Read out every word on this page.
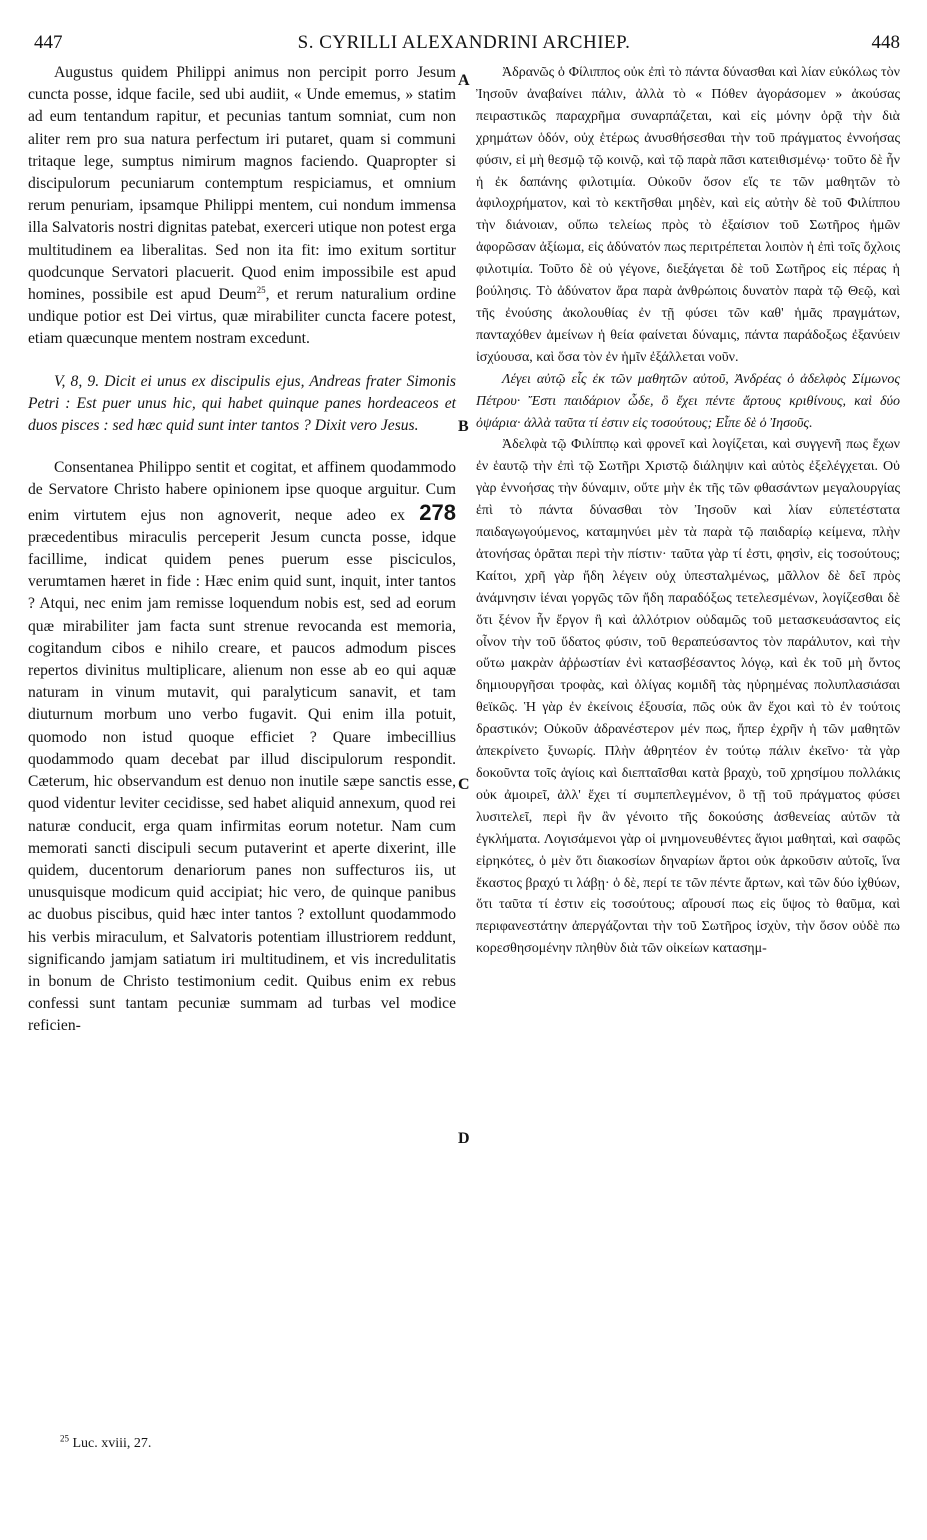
447	S. CYRILLI ALEXANDRINI ARCHIEP.	448

Augustus quidem Philippi animus non percipit porro Jesum cuncta posse, idque facile, sed ubi audiit, « Unde ememus, » statim ad eum tentandum rapitur, et pecunias tantum somniat, cum non aliter rem pro sua natura perfectum iri putaret, quam si communi tritaque lege, sumptus nimirum magnos faciendo. Quapropter si discipulorum pecuniarum contemptum respiciamus, et omnium rerum penuriam, ipsamque Philippi mentem, cui nondum immensa illa Salvatoris nostri dignitas patebat, exerceri utique non potest erga multitudinem ea liberalitas. Sed non ita fit: imo exitum sortitur quodcunque Servatori placuerit. Quod enim impossibile est apud homines, possibile est apud Deum$^{25}$, et rerum naturalium ordine undique potior est Dei virtus, quæ mirabiliter cuncta facere potest, etiam quæcunque mentem nostram excedunt.

V, 8, 9. Dicit ei unus ex discipulis ejus, Andreas frater Simonis Petri : Est puer unus hic, qui habet quinque panes hordeaceos et duos pisces : sed hæc quid sunt inter tantos ? Dixit vero Jesus.

Consentanea Philippo sentit et cogitat, et affinem quodammodo de Servatore Christo habere opinionem ipse quoque arguitur. Cum enim virtutem ejus non agnoverit, neque adeo ex 278 præcedentibus miraculis perceperit Jesum cuncta posse, idque facillime, indicat quidem penes puerum esse pisciculos, verumtamen hæret in fide : Hæc enim quid sunt, inquit, inter tantos ? Atqui, nec enim jam remisse loquendum nobis est, sed ad eorum quæ mirabiliter jam facta sunt strenue revocanda est memoria, cogitandum cibos e nihilo creare, et paucos admodum pisces repertos divinitus multiplicare, alienum non esse ab eo qui aquæ naturam in vinum mutavit, qui paralyticum sanavit, et tam diuturnum morbum uno verbo fugavit. Qui enim illa potuit, quomodo non istud quoque efficiet ? Quare imbecillius quodammodo quam decebat par illud discipulorum respondit. Cæterum, hic observandum est denuo non inutile sæpe sanctis esse, quod videntur leviter cecidisse, sed habet aliquid annexum, quod rei naturæ conducit, erga quam infirmitas eorum notetur. Nam cum memorati sancti discipuli secum putaverint et aperte dixerint, ille quidem, ducentorum denariorum panes non suffecturos iis, ut unusquisque modicum quid accipiat; hic vero, de quinque panibus ac duobus piscibus, quid hæc inter tantos ? extollunt quodammodo his verbis miraculum, et Salvatoris potentiam illustriorem reddunt, significando jamjam satiatum iri multitudinem, et vis incredulitatis in bonum de Christo testimonium cedit. Quibus enim ex rebus confessi sunt tantam pecuniæ summam ad turbas vel modice reficien-

Ἀδρανῶς ὁ Φίλιππος οὐκ ἐπὶ τὸ πάντα δύνασθαι καὶ λίαν εὐκόλως τὸν Ἰησοῦν ἀναβαίνει πάλιν, ἀλλὰ τὸ « Πόθεν ἀγοράσομεν » ἀκούσας πειραστικῶς παραχρῆμα συναρπάζεται, καὶ εἰς μόνην ὁρᾷ τὴν διὰ χρημάτων ὁδόν, οὐχ ἑτέρως ἀνυσθήσεσθαι τὴν τοῦ πράγματος ἐννοήσας φύσιν, εἰ μὴ θεσμῷ τῷ κοινῷ, καὶ τῷ παρὰ πᾶσι κατειθισμένῳ· τοῦτο δὲ ἦν ἡ ἐκ δαπάνης φιλοτιμία. Οὐκοῦν ὅσον εἴς τε τῶν μαθητῶν τὸ ἀφιλοχρήματον, καὶ τὸ κεκτῆσθαι μηδὲν, καὶ εἰς αὐτὴν δὲ τοῦ Φιλίππου τὴν διάνοιαν, οὔπω τελείως πρὸς τὸ ἐξαίσιον τοῦ Σωτῆρος ἡμῶν ἀφορῶσαν ἀξίωμα, εἰς ἀδύνατόν πως περιτρέπεται λοιπὸν ἡ ἐπὶ τοῖς ὄχλοις φιλοτιμία. Τοῦτο δὲ οὐ γέγονε, διεξάγεται δὲ τοῦ Σωτῆρος εἰς πέρας ἡ βούλησις. Τὸ ἀδύνατον ἄρα παρὰ ἀνθρώποις δυνατὸν παρὰ τῷ Θεῷ, καὶ τῆς ἐνούσης ἀκολουθίας ἐν τῇ φύσει τῶν καθ' ἡμᾶς πραγμάτων, πανταχόθεν ἀμείνων ἡ θεία φαίνεται δύναμις, πάντα παράδοξως ἐξανύειν ἰσχύουσα, καὶ ὅσα τὸν ἐν ἡμῖν ἐξάλλεται νοῦν.

Λέγει αὐτῷ εἷς ἐκ τῶν μαθητῶν αὐτοῦ, Ἀνδρέας ὁ ἀδελφὸς Σίμωνος Πέτρου· Ἔστι παιδάριον ὧδε, ὃ ἔχει πέντε ἄρτους κριθίνους, καὶ δύο ὀψάρια· ἀλλὰ ταῦτα τί ἐστιν εἰς τοσούτους; Εἶπε δὲ ὁ Ἰησοῦς.

Ἀδελφὰ τῷ Φιλίππῳ καὶ φρονεῖ καὶ λογίζεται, καὶ συγγενῆ πως ἔχων ἐν ἑαυτῷ τὴν ἐπὶ τῷ Σωτῆρι Χριστῷ διάληψιν καὶ αὐτὸς ἐξελέγχεται. Οὐ γὰρ ἐννοήσας τὴν δύναμιν, οὔτε μὴν ἐκ τῆς τῶν φθασάντων μεγαλουργίας ἐπὶ τὸ πάντα δύνασθαι τὸν Ἰησοῦν καὶ λίαν εὐπετέστατα παιδαγωγούμενος, καταμηνύει μὲν τὰ παρὰ τῷ παιδαρίῳ κείμενα, πλὴν ἀτονήσας ὁρᾶται περὶ τὴν πίστιν· ταῦτα γὰρ τί ἐστι, φησὶν, εἰς τοσούτους; Καίτοι, χρῆ γὰρ ἤδη λέγειν οὐχ ὑπεσταλμένως, μᾶλλον δὲ δεῖ πρὸς ἀνάμνησιν ἰέναι γοργῶς τῶν ἤδη παραδόξως τετελεσμένων, λογίζεσθαι δὲ ὅτι ξένον ἦν ἔργον ἢ καὶ ἀλλότριον οὐδαμῶς τοῦ μετασκευάσαντος εἰς οἶνον τὴν τοῦ ὕδατος φύσιν, τοῦ θεραπεύσαντος τὸν παράλυτον, καὶ τὴν οὕτω μακρὰν ἀῤῥωστίαν ἐνὶ κατασβέσαντος λόγῳ, καὶ ἐκ τοῦ μὴ ὄντος δημιουργῆσαι τροφὰς, καὶ ὀλίγας κομιδῆ τὰς ηὑρημένας πολυπλασιάσαι θεϊκῶς. Ἡ γὰρ ἐν ἐκείνοις ἐξουσία, πῶς οὐκ ἂν ἔχοι καὶ τὸ ἐν τούτοις δραστικόν; Οὐκοῦν ἀδρανέστερον μέν πως, ἥπερ ἐχρῆν ἡ τῶν μαθητῶν ἀπεκρίνετο ξυνωρίς. Πλὴν ἀθρητέον ἐν τούτῳ πάλιν ἐκεῖνο· τὰ γὰρ δοκοῦντα τοῖς ἁγίοις καὶ διεπταῖσθαι κατὰ βραχὺ, τοῦ χρησίμου πολλάκις οὐκ ἀμοιρεῖ, ἀλλ' ἔχει τί συμπεπλεγμένον, ὃ τῇ τοῦ πράγματος φύσει λυσιτελεῖ, περὶ ἣν ἂν γένοιτο τῆς δοκούσης ἀσθενείας αὐτῶν τὰ ἐγκλήματα. Λογισάμενοι γὰρ οἱ μνημονευθέντες ἅγιοι μαθηταὶ, καὶ σαφῶς εἰρηκότες, ὁ μὲν ὅτι διακοσίων δηναρίων ἄρτοι οὐκ ἀρκοῦσιν αὐτοῖς, ἵνα ἕκαστος βραχύ τι λάβῃ· ὁ δὲ, περί τε τῶν πέντε ἄρτων, καὶ τῶν δύο ἰχθύων, ὅτι ταῦτα τί ἐστιν εἰς τοσούτους; αἴρουσί πως εἰς ὕψος τὸ θαῦμα, καὶ περιφανεστάτην ἀπεργάζονται τὴν τοῦ Σωτῆρος ἰσχὺν, τὴν ὅσον οὐδὲ πω κορεσθησομένην πληθὺν διὰ τῶν οἰκείων κατασημ-

A
B
C
D
$^{25}$ Luc. xviii, 27.
